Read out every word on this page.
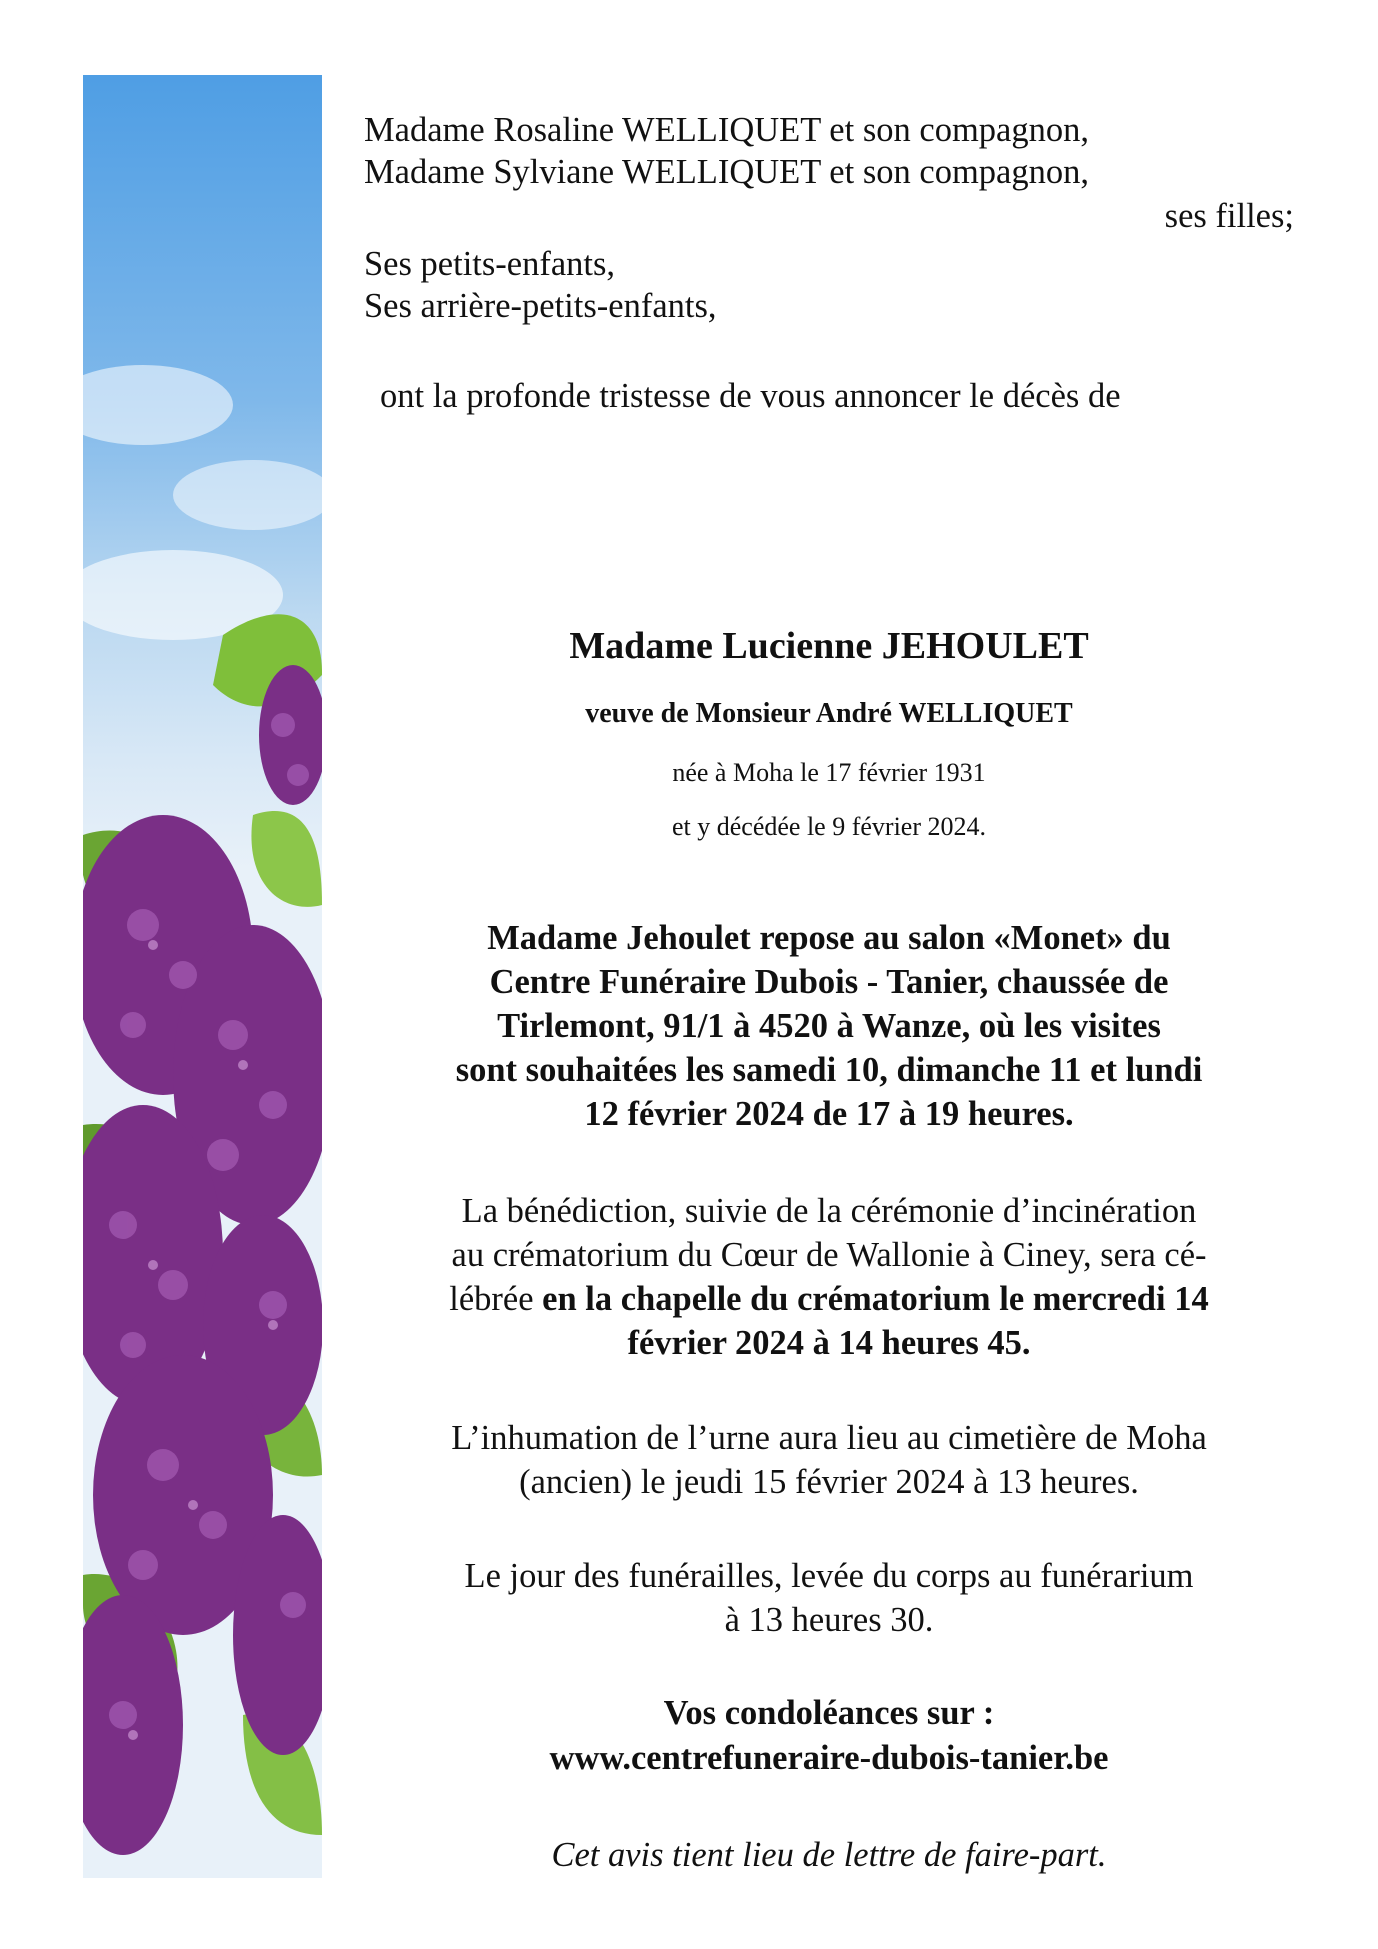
Madame Rosaline WELLIQUET et son compagnon,
Madame Sylviane WELLIQUET et son compagnon,
ses filles;
Ses petits-enfants,
Ses arrière-petits-enfants,
ont la profonde tristesse de vous annoncer le décès de
Madame Lucienne JEHOULET
veuve de Monsieur André WELLIQUET
née à Moha le 17 février 1931
et y décédée le 9 février 2024.
Madame Jehoulet repose au salon «Monet» du
Centre Funéraire Dubois - Tanier, chaussée de
Tirlemont, 91/1 à 4520 à Wanze, où les visites
sont souhaitées les samedi 10, dimanche 11 et lundi
12 février 2024 de 17 à 19 heures.
La bénédiction, suivie de la cérémonie d’incinération
au crématorium du Cœur de Wallonie à Ciney, sera cé-
lébrée en la chapelle du crématorium le mercredi 14
février 2024 à 14 heures 45.
L’inhumation de l’urne aura lieu au cimetière de Moha
(ancien) le jeudi 15 février 2024 à 13 heures.
Le jour des funérailles, levée du corps au funérarium
à 13 heures 30.
Vos condoléances sur :
www.centrefuneraire-dubois-tanier.be
Cet avis tient lieu de lettre de faire-part.
